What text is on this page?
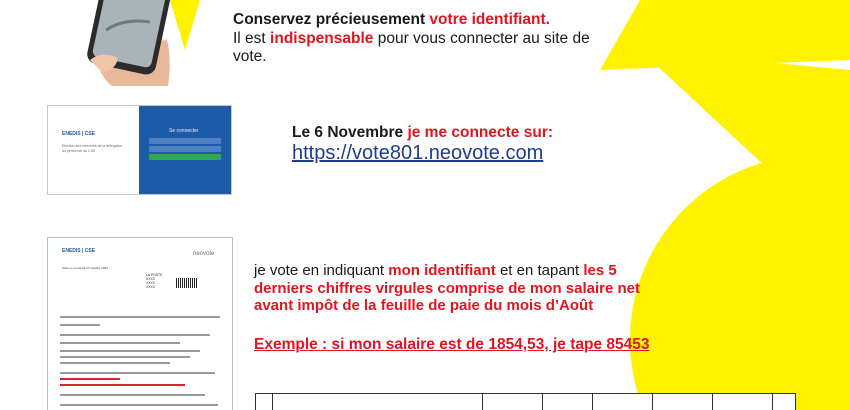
Conservez précieusement votre identifiant.
Il est indispensable pour vous connecter au site de
vote.
ENEDIS | CSE
Election des membres de la délégation du personnel du CSE
Se connecter	Le 6 Novembre je me connecte sur:
https://vote801.neovote.com
ENEDIS | CSE	neovote
Paris, le mercredi 27 octobre 2023
LA POSTE
XXXX
XXXX
XXXX
je vote en indiquant mon identifiant et en tapant les 5
derniers chiffres virgules comprise de mon salaire net
avant impôt de la feuille de paie du mois d’Août
Exemple : si mon salaire est de 1854,53, je tape 85453
